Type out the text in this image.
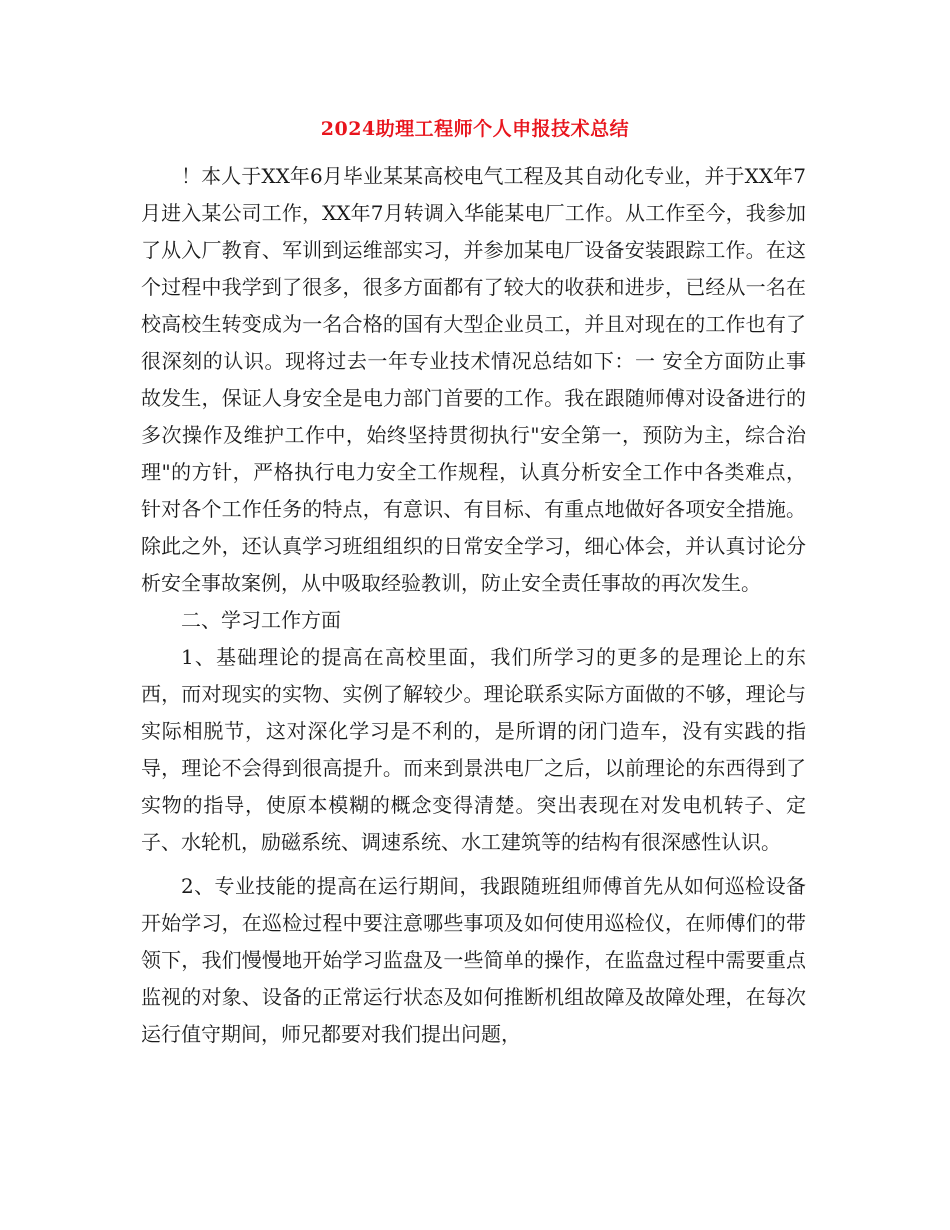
2024助理工程师个人申报技术总结

！本人于XX年6月毕业某某高校电气工程及其自动化专业，并于XX年7月进入某公司工作，XX年7月转调入华能某电厂工作。从工作至今，我参加了从入厂教育、军训到运维部实习，并参加某电厂设备安装跟踪工作。在这个过程中我学到了很多，很多方面都有了较大的收获和进步，已经从一名在校高校生转变成为一名合格的国有大型企业员工，并且对现在的工作也有了很深刻的认识。现将过去一年专业技术情况总结如下：一 安全方面防止事故发生，保证人身安全是电力部门首要的工作。我在跟随师傅对设备进行的多次操作及维护工作中，始终坚持贯彻执行"安全第一，预防为主，综合治理"的方针，严格执行电力安全工作规程，认真分析安全工作中各类难点，针对各个工作任务的特点，有意识、有目标、有重点地做好各项安全措施。除此之外，还认真学习班组组织的日常安全学习，细心体会，并认真讨论分析安全事故案例，从中吸取经验教训，防止安全责任事故的再次发生。

二、学习工作方面

1、基础理论的提高在高校里面，我们所学习的更多的是理论上的东西，而对现实的实物、实例了解较少。理论联系实际方面做的不够，理论与实际相脱节，这对深化学习是不利的，是所谓的闭门造车，没有实践的指导，理论不会得到很高提升。而来到景洪电厂之后，以前理论的东西得到了实物的指导，使原本模糊的概念变得清楚。突出表现在对发电机转子、定子、水轮机，励磁系统、调速系统、水工建筑等的结构有很深感性认识。

2、专业技能的提高在运行期间，我跟随班组师傅首先从如何巡检设备开始学习，在巡检过程中要注意哪些事项及如何使用巡检仪，在师傅们的带领下，我们慢慢地开始学习监盘及一些简单的操作，在监盘过程中需要重点监视的对象、设备的正常运行状态及如何推断机组故障及故障处理，在每次运行值守期间，师兄都要对我们提出问题，
